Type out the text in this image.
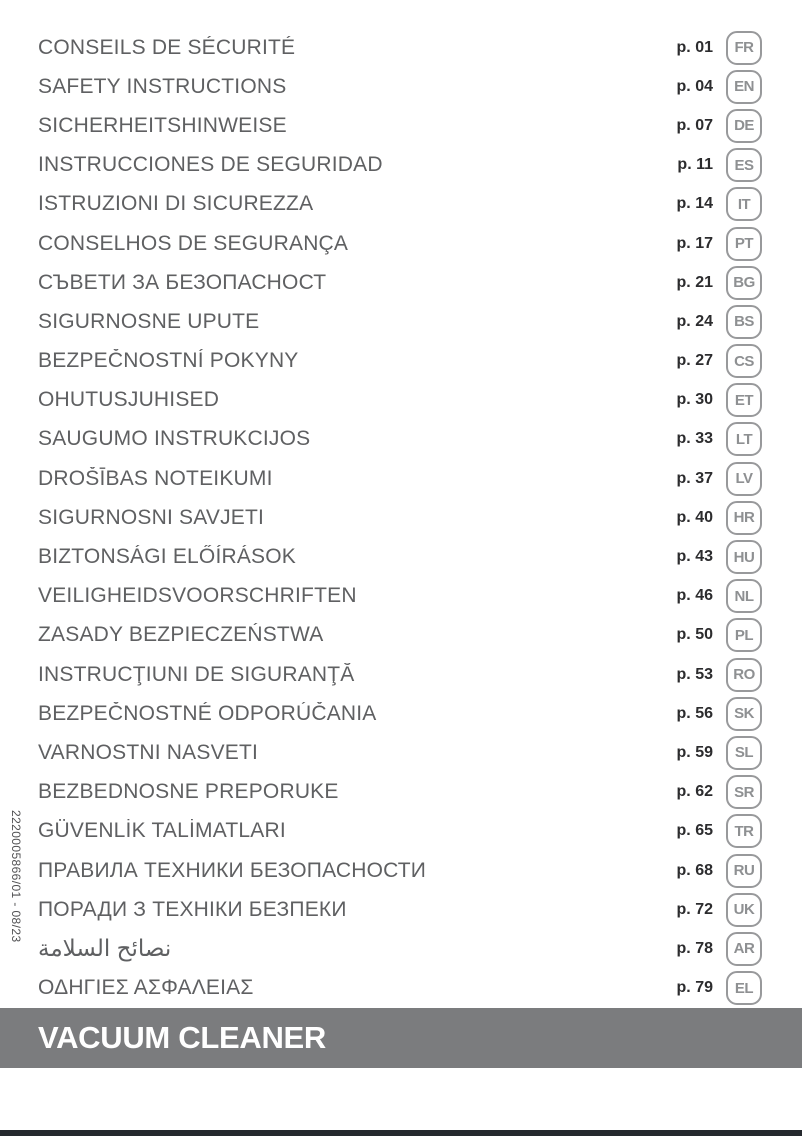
CONSEILS DE SÉCURITÉ	p. 01	FR
SAFETY INSTRUCTIONS	p. 04	EN
SICHERHEITSHINWEISE	p. 07	DE
INSTRUCCIONES DE SEGURIDAD	p. 11	ES
ISTRUZIONI DI SICUREZZA	p. 14	IT
CONSELHOS DE SEGURANÇA	p. 17	PT
СЪВЕТИ ЗА БЕЗОПАСНОСТ	p. 21	BG
SIGURNOSNE UPUTE	p. 24	BS
BEZPEČNOSTNÍ POKYNY	p. 27	CS
OHUTUSJUHISED	p. 30	ET
SAUGUMO INSTRUKCIJOS	p. 33	LT
DROŠĪBAS NOTEIKUMI	p. 37	LV
SIGURNOSNI SAVJETI	p. 40	HR
BIZTONSÁGI ELŐÍRÁSOK	p. 43	HU
VEILIGHEIDSVOORSCHRIFTEN	p. 46	NL
ZASADY BEZPIECZEŃSTWA	p. 50	PL
INSTRUCŢIUNI DE SIGURANŢĂ	p. 53	RO
BEZPEČNOSTNÉ ODPORÚČANIA	p. 56	SK
VARNOSTNI NASVETI	p. 59	SL
BEZBEDNOSNE PREPORUKE	p. 62	SR
GÜVENLİK TALİMATLARI	p. 65	TR
ПРАВИЛА ТЕХНИКИ БЕЗОПАСНОСТИ	p. 68	RU
ПОРАДИ З ТЕХНІКИ БЕЗПЕКИ	p. 72	UK
نصائح السلامة	p. 78	AR
ΟΔΗΓΙΕΣ ΑΣΦΑΛΕΙΑΣ	p. 79	EL
2220005866/01 - 08/23
VACUUM CLEANER
